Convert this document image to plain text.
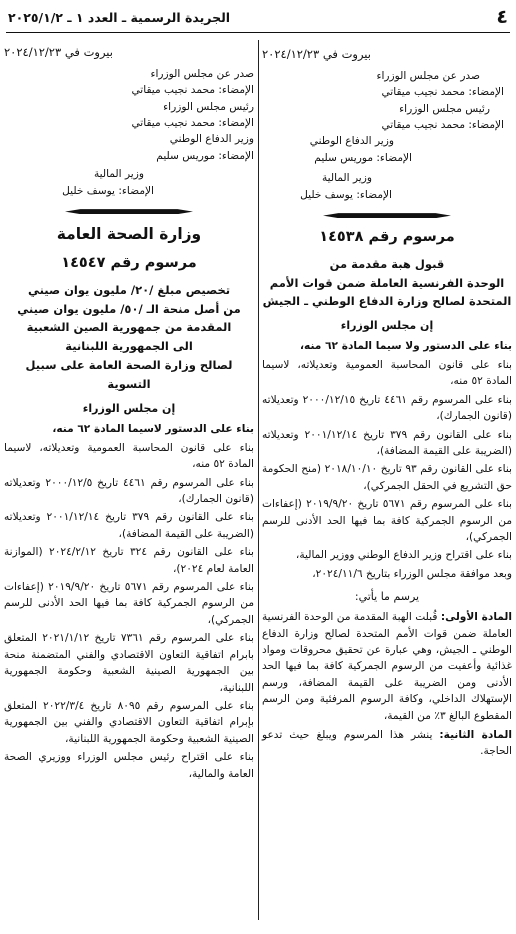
٤
الجريدة الرسمية ـ العدد ١ ـ ٢٠٢٥/١/٢

بيروت في ٢٠٢٤/١٢/٢٣

صدر عن مجلس الوزراء

الإمضاء: محمد نجيب ميقاتي

رئيس مجلس الوزراء

الإمضاء: محمد نجيب ميقاتي

وزير الدفاع الوطني

الإمضاء: موريس سليم

وزير المالية

الإمضاء: يوسف خليل

مرسوم رقم ١٤٥٣٨

قبول هبة مقدمة من

الوحدة الفرنسية العاملة ضمن قوات الأمم

المتحدة لصالح وزارة الدفاع الوطني ـ الجيش

إن مجلس الوزراء

بناء على الدستور ولا سيما المادة ٦٢ منه،

بناء على قانون المحاسبة العمومية وتعديلاته، لاسيما المادة ٥٢ منه،

بناء على المرسوم رقم ٤٤٦١ تاريخ ٢٠٠٠/١٢/١٥ وتعديلاته (قانون الجمارك)،

بناء على القانون رقم ٣٧٩ تاريخ ٢٠٠١/١٢/١٤ وتعديلاته (الضريبة على القيمة المضافة)،

بناء على القانون رقم ٩٣ تاريخ ٢٠١٨/١٠/١٠ (منح الحكومة حق التشريع في الحقل الجمركي)،

بناء على المرسوم رقم ٥٦٧١ تاريخ ٢٠١٩/٩/٢٠ (إعفاءات من الرسوم الجمركية كافة بما فيها الحد الأدنى للرسم الجمركي)،

بناء على اقتراح وزير الدفاع الوطني ووزير المالية،

وبعد موافقة مجلس الوزراء بتاريخ ٢٠٢٤/١١/٦،

يرسم ما يأتي:

المادة الأولى: قُبلت الهبة المقدمة من الوحدة الفرنسية العاملة ضمن قوات الأمم المتحدة لصالح وزارة الدفاع الوطني ـ الجيش، وهي عبارة عن تحقيق محروقات ومواد غذائية وأعفيت من الرسوم الجمركية كافة بما فيها الحد الأدنى ومن الضريبة على القيمة المضافة، ورسم الإستهلاك الداخلي، وكافة الرسوم المرفئية ومن الرسم المقطوع البالغ ٣٪ من القيمة،

المادة الثانية: ينشر هذا المرسوم ويبلغ حيث تدعو الحاجة.

بيروت في ٢٠٢٤/١٢/٢٣

صدر عن مجلس الوزراء

الإمضاء: محمد نجيب ميقاتي

رئيس مجلس الوزراء

الإمضاء: محمد نجيب ميقاتي

وزير الدفاع الوطني

الإمضاء: موريس سليم

وزير المالية

الإمضاء: يوسف خليل

وزارة الصحة العامة
مرسوم رقم ١٤٥٤٧

تخصيص مبلغ /٢٠/ مليون يوان صيني

من أصل منحة الـ /٥٠/ مليون يوان صيني

المقدمة من جمهورية الصين الشعبية

الى الجمهورية اللبنانية

لصالح وزارة الصحة العامة على سبيل التسوية

إن مجلس الوزراء

بناء على الدستور لاسيما المادة ٦٢ منه،

بناء على قانون المحاسبة العمومية وتعديلاته، لاسيما المادة ٥٢ منه،

بناء على المرسوم رقم ٤٤٦١ تاريخ ٢٠٠٠/١٢/٥ وتعديلاته (قانون الجمارك)،

بناء على القانون رقم ٣٧٩ تاريخ ٢٠٠١/١٢/١٤ وتعديلاته (الضريبة على القيمة المضافة)،

بناء على القانون رقم ٣٢٤ تاريخ ٢٠٢٤/٢/١٢ (الموازنة العامة لعام ٢٠٢٤)،

بناء على المرسوم رقم ٥٦٧١ تاريخ ٢٠١٩/٩/٢٠ (إعفاءات من الرسوم الجمركية كافة بما فيها الحد الأدنى للرسم الجمركي)،

بناء على المرسوم رقم ٧٣٦١ تاريخ ٢٠٢١/١/١٢ المتعلق بابرام اتفاقية التعاون الاقتصادي والفني المتضمنة منحة بين الجمهورية الصينية الشعبية وحكومة الجمهورية اللبنانية،

بناء على المرسوم رقم ٨٠٩٥ تاريخ ٢٠٢٢/٣/٤ المتعلق بإبرام اتفاقية التعاون الاقتصادي والفني بين الجمهورية الصينية الشعبية وحكومة الجمهورية اللبنانية،

بناء على اقتراح رئيس مجلس الوزراء ووزيري الصحة العامة والمالية،
